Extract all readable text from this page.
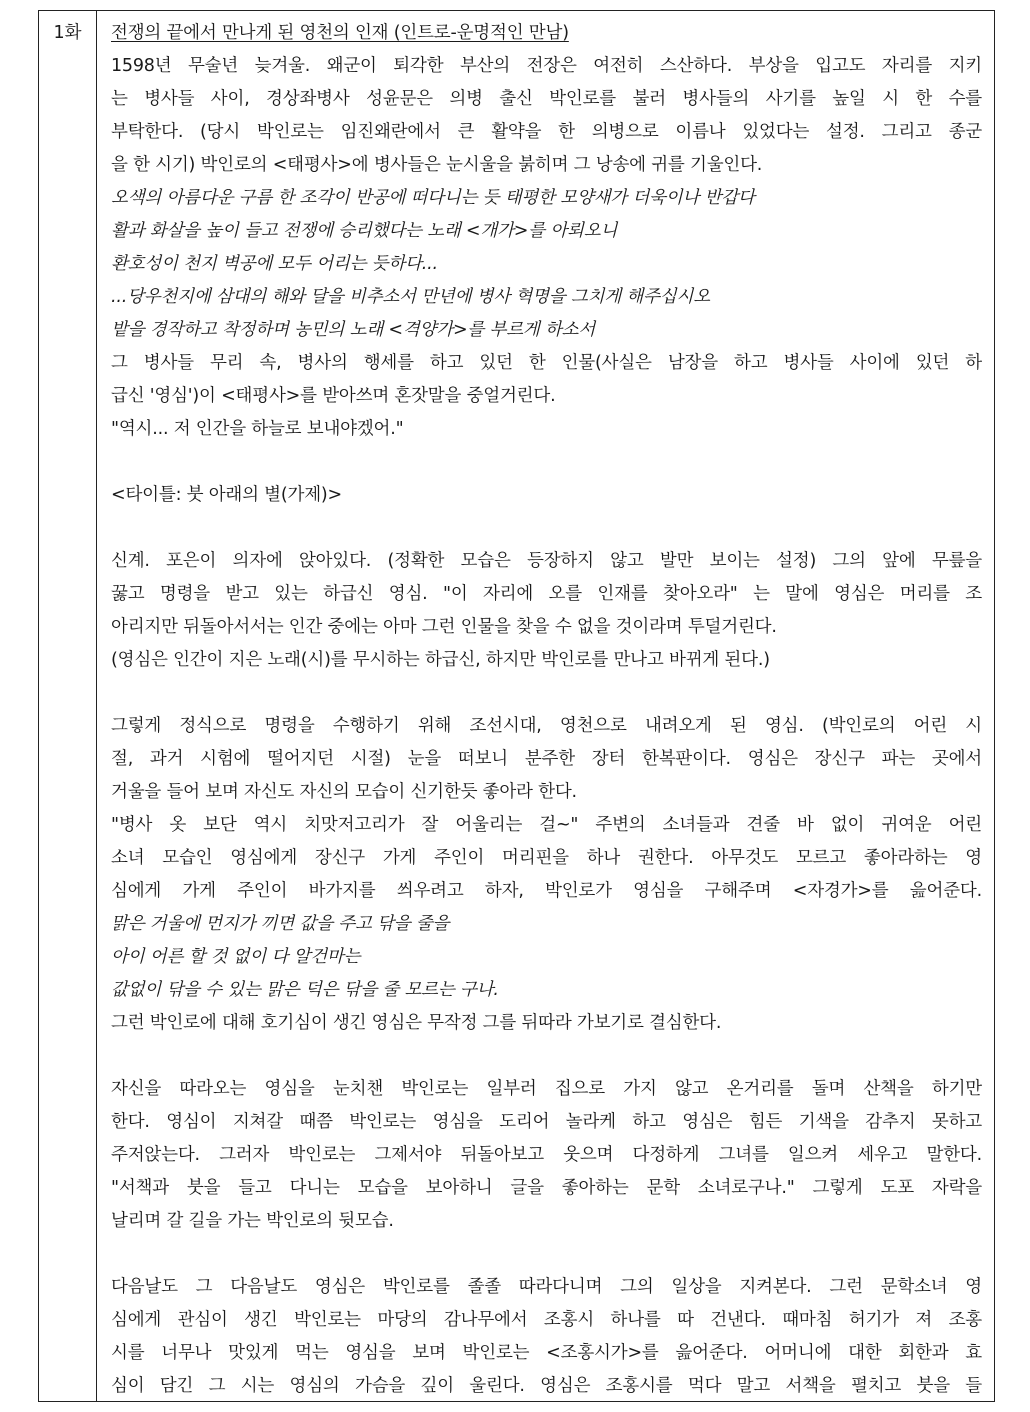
1화	전쟁의 끝에서 만나게 된 영천의 인재 (인트로-운명적인 만남)
1598년 무술년 늦겨울. 왜군이 퇴각한 부산의 전장은 여전히 스산하다. 부상을 입고도 자리를 지키
는 병사들 사이, 경상좌병사 성윤문은 의병 출신 박인로를 불러 병사들의 사기를 높일 시 한 수를
부탁한다. (당시 박인로는 임진왜란에서 큰 활약을 한 의병으로 이름나 있었다는 설정. 그리고 종군
을 한 시기) 박인로의 <태평사>에 병사들은 눈시울을 붉히며 그 낭송에 귀를 기울인다.
오색의 아름다운 구름 한 조각이 반공에 떠다니는 듯 태평한 모양새가 더욱이나 반갑다
활과 화살을 높이 들고 전쟁에 승리했다는 노래 <개가>를 아뢰오니
환호성이 천지 벽공에 모두 어리는 듯하다...
...당우천지에 삼대의 해와 달을 비추소서 만년에 병사 혁명을 그치게 해주십시오
밭을 경작하고 착정하며 농민의 노래 <격양가>를 부르게 하소서
그 병사들 무리 속, 병사의 행세를 하고 있던 한 인물(사실은 남장을 하고 병사들 사이에 있던 하
급신 '영심')이 <태평사>를 받아쓰며 혼잣말을 중얼거린다.
"역시... 저 인간을 하늘로 보내야겠어."
<타이틀: 붓 아래의 별(가제)>
신계. 포은이 의자에 앉아있다. (정확한 모습은 등장하지 않고 발만 보이는 설정) 그의 앞에 무릎을
꿇고 명령을 받고 있는 하급신 영심. "이 자리에 오를 인재를 찾아오라" 는 말에 영심은 머리를 조
아리지만 뒤돌아서서는 인간 중에는 아마 그런 인물을 찾을 수 없을 것이라며 투덜거린다.
(영심은 인간이 지은 노래(시)를 무시하는 하급신, 하지만 박인로를 만나고 바뀌게 된다.)
그렇게 정식으로 명령을 수행하기 위해 조선시대, 영천으로 내려오게 된 영심. (박인로의 어린 시
절, 과거 시험에 떨어지던 시절) 눈을 떠보니 분주한 장터 한복판이다. 영심은 장신구 파는 곳에서
거울을 들어 보며 자신도 자신의 모습이 신기한듯 좋아라 한다.
"병사 옷 보단 역시 치맛저고리가 잘 어울리는 걸~" 주변의 소녀들과 견줄 바 없이 귀여운 어린
소녀 모습인 영심에게 장신구 가게 주인이 머리핀을 하나 권한다. 아무것도 모르고 좋아라하는 영
심에게 가게 주인이 바가지를 씌우려고 하자, 박인로가 영심을 구해주며 <자경가>를 읊어준다.
맑은 거울에 먼지가 끼면 값을 주고 닦을 줄을
아이 어른 할 것 없이 다 알건마는
값없이 닦을 수 있는 맑은 덕은 닦을 줄 모르는 구나.
그런 박인로에 대해 호기심이 생긴 영심은 무작정 그를 뒤따라 가보기로 결심한다.
자신을 따라오는 영심을 눈치챈 박인로는 일부러 집으로 가지 않고 온거리를 돌며 산책을 하기만
한다. 영심이 지쳐갈 때쯤 박인로는 영심을 도리어 놀라케 하고 영심은 힘든 기색을 감추지 못하고
주저앉는다. 그러자 박인로는 그제서야 뒤돌아보고 웃으며 다정하게 그녀를 일으켜 세우고 말한다.
"서책과 붓을 들고 다니는 모습을 보아하니 글을 좋아하는 문학 소녀로구나." 그렇게 도포 자락을
날리며 갈 길을 가는 박인로의 뒷모습.
다음날도 그 다음날도 영심은 박인로를 졸졸 따라다니며 그의 일상을 지켜본다. 그런 문학소녀 영
심에게 관심이 생긴 박인로는 마당의 감나무에서 조홍시 하나를 따 건낸다. 때마침 허기가 져 조홍
시를 너무나 맛있게 먹는 영심을 보며 박인로는 <조홍시가>를 읊어준다. 어머니에 대한 회한과 효
심이 담긴 그 시는 영심의 가슴을 깊이 울린다. 영심은 조홍시를 먹다 말고 서책을 펼치고 붓을 들
